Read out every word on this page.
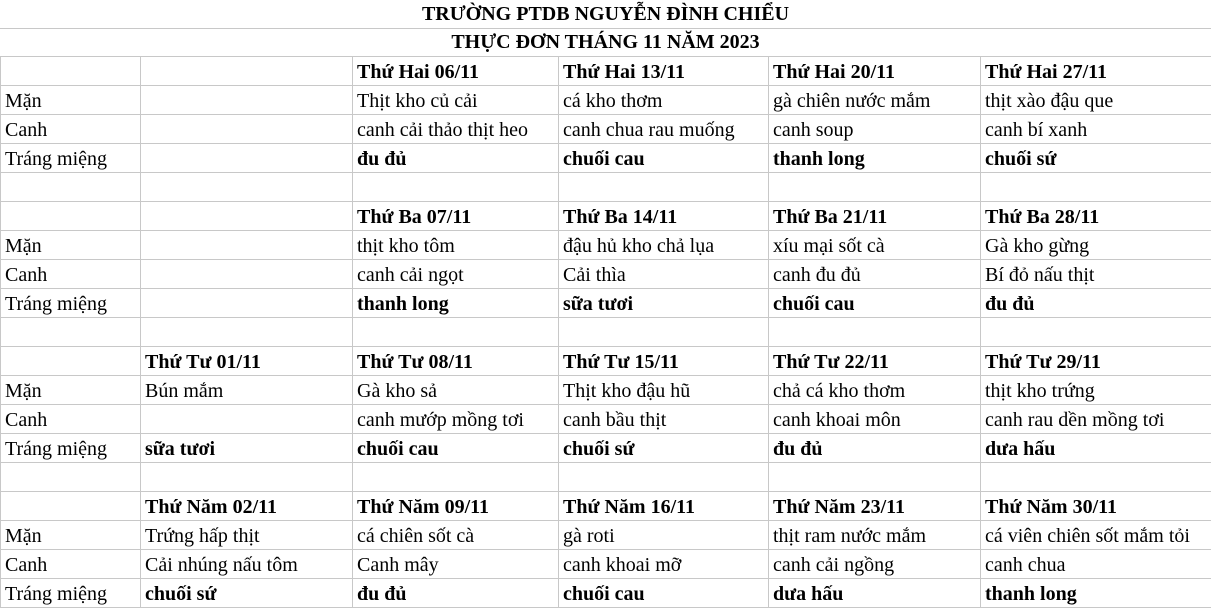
TRƯỜNG PTDB NGUYỄN ĐÌNH CHIỂU
THỰC ĐƠN THÁNG 11 NĂM 2023
		Thứ Hai 06/11	Thứ Hai 13/11	Thứ Hai 20/11	Thứ Hai 27/11
Mặn		Thịt kho củ cải	cá kho thơm	gà chiên nước mắm	thịt xào đậu que
Canh		canh cải thảo thịt heo	canh chua rau muống	canh soup	canh bí xanh
Tráng miệng		đu đủ	chuối cau	thanh long	chuối sứ

		Thứ Ba 07/11	Thứ Ba 14/11	Thứ Ba 21/11	Thứ Ba 28/11
Mặn		thịt kho tôm	đậu hủ kho chả lụa	xíu mại sốt cà	Gà kho gừng
Canh		canh cải ngọt	Cải thìa	canh đu đủ	Bí đỏ nấu thịt
Tráng miệng		thanh long	sữa tươi	chuối cau	đu đủ

	Thứ Tư 01/11	Thứ Tư 08/11	Thứ Tư 15/11	Thứ Tư 22/11	Thứ Tư 29/11
Mặn	Bún mắm	Gà kho sả	Thịt kho đậu hũ	chả cá kho thơm	thịt kho trứng
Canh		canh mướp mồng tơi	canh bầu thịt	canh khoai môn	canh rau dền mồng tơi
Tráng miệng	sữa tươi	chuối cau	chuối sứ	đu đủ	dưa hấu

	Thứ Năm 02/11	Thứ Năm 09/11	Thứ Năm 16/11	Thứ Năm 23/11	Thứ Năm 30/11
Mặn	Trứng hấp thịt	cá chiên sốt cà	gà roti	thịt ram nước mắm	cá viên chiên sốt mắm tỏi
Canh	Cải nhúng nấu tôm	Canh mây	canh khoai mỡ	canh cải ngồng	canh chua
Tráng miệng	chuối sứ	đu đủ	chuối cau	dưa hấu	thanh long
